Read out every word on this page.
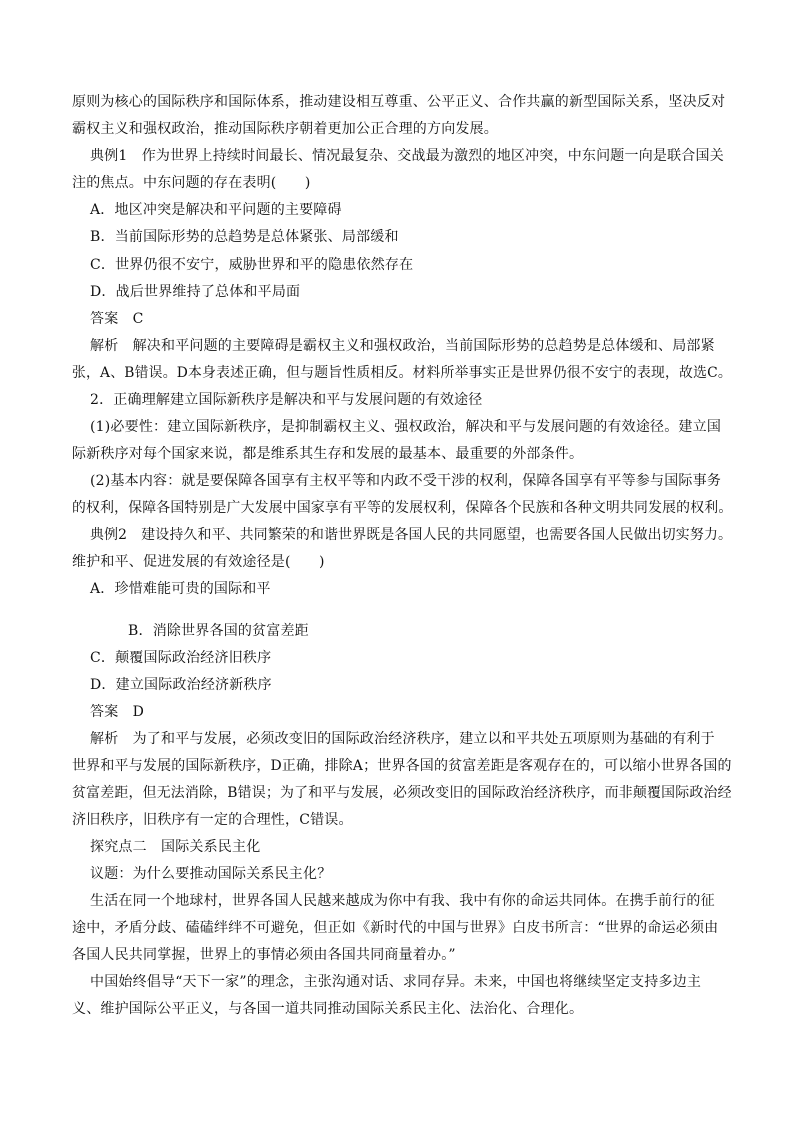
原则为核心的国际秩序和国际体系，推动建设相互尊重、公平正义、合作共赢的新型国际关系，坚决反对
霸权主义和强权政治，推动国际秩序朝着更加公正合理的方向发展。
典例1　作为世界上持续时间最长、情况最复杂、交战最为激烈的地区冲突，中东问题一向是联合国关
注的焦点。中东问题的存在表明(　　)
A．地区冲突是解决和平问题的主要障碍
B．当前国际形势的总趋势是总体紧张、局部缓和
C．世界仍很不安宁，威胁世界和平的隐患依然存在
D．战后世界维持了总体和平局面
答案　C
解析　解决和平问题的主要障碍是霸权主义和强权政治，当前国际形势的总趋势是总体缓和、局部紧
张，A、B错误。D本身表述正确，但与题旨性质相反。材料所举事实正是世界仍很不安宁的表现，故选C。
2．正确理解建立国际新秩序是解决和平与发展问题的有效途径
(1)必要性：建立国际新秩序，是抑制霸权主义、强权政治，解决和平与发展问题的有效途径。建立国
际新秩序对每个国家来说，都是维系其生存和发展的最基本、最重要的外部条件。
(2)基本内容：就是要保障各国享有主权平等和内政不受干涉的权利，保障各国享有平等参与国际事务
的权利，保障各国特别是广大发展中国家享有平等的发展权利，保障各个民族和各种文明共同发展的权利。
典例2　建设持久和平、共同繁荣的和谐世界既是各国人民的共同愿望，也需要各国人民做出切实努力。
维护和平、促进发展的有效途径是(　　)
A．珍惜难能可贵的国际和平
B．消除世界各国的贫富差距
C．颠覆国际政治经济旧秩序
D．建立国际政治经济新秩序
答案　D
解析　为了和平与发展，必须改变旧的国际政治经济秩序，建立以和平共处五项原则为基础的有利于
世界和平与发展的国际新秩序，D正确，排除A；世界各国的贫富差距是客观存在的，可以缩小世界各国的
贫富差距，但无法消除，B错误；为了和平与发展，必须改变旧的国际政治经济秩序，而非颠覆国际政治经
济旧秩序，旧秩序有一定的合理性，C错误。
探究点二　国际关系民主化
议题：为什么要推动国际关系民主化？
生活在同一个地球村，世界各国人民越来越成为你中有我、我中有你的命运共同体。在携手前行的征
途中，矛盾分歧、磕磕绊绊不可避免，但正如《新时代的中国与世界》白皮书所言：“世界的命运必须由
各国人民共同掌握，世界上的事情必须由各国共同商量着办。”
中国始终倡导“天下一家”的理念，主张沟通对话、求同存异。未来，中国也将继续坚定支持多边主
义、维护国际公平正义，与各国一道共同推动国际关系民主化、法治化、合理化。
